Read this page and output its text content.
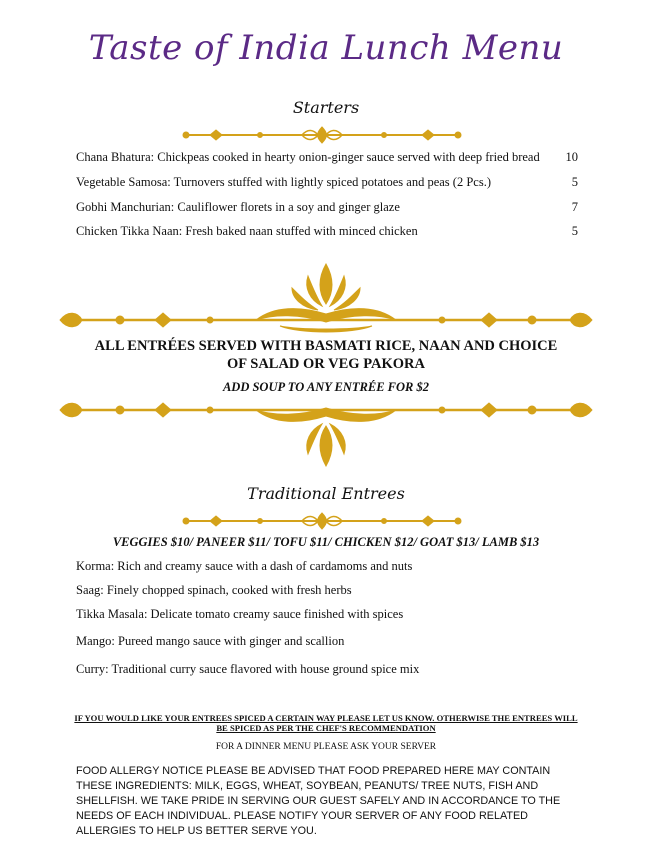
Taste of India Lunch Menu
Starters
Chana Bhatura: Chickpeas cooked in hearty onion-ginger sauce served with deep fried bread 10
Vegetable Samosa: Turnovers stuffed with lightly spiced potatoes and peas (2 Pcs.)	5
Gobhi Manchurian: Cauliflower florets in a soy and ginger glaze	7
Chicken Tikka Naan: Fresh baked naan stuffed with minced chicken	5
ALL ENTRÉES SERVED WITH BASMATI RICE, NAAN AND CHOICE
OF SALAD OR VEG PAKORA
ADD SOUP TO ANY ENTRÉE FOR $2
Traditional Entrees
VEGGIES $10/ PANEER $11/ TOFU $11/ CHICKEN $12/ GOAT $13/ LAMB $13
Korma: Rich and creamy sauce with a dash of cardamoms and nuts
Saag: Finely chopped spinach, cooked with fresh herbs
Tikka Masala: Delicate tomato creamy sauce finished with spices
Mango: Pureed mango sauce with ginger and scallion
Curry: Traditional curry sauce flavored with house ground spice mix
IF YOU WOULD LIKE YOUR ENTREES SPICED A CERTAIN WAY PLEASE LET US KNOW. OTHERWISE THE ENTREES WILL BE SPICED AS PER THE CHEF'S RECOMMENDATION
FOR A DINNER MENU PLEASE ASK YOUR SERVER
FOOD ALLERGY NOTICE PLEASE BE ADVISED THAT FOOD PREPARED HERE MAY CONTAIN THESE INGREDIENTS: MILK, EGGS, WHEAT, SOYBEAN, PEANUTS/ TREE NUTS, FISH AND SHELLFISH. WE TAKE PRIDE IN SERVING OUR GUEST SAFELY AND IN ACCORDANCE TO THE NEEDS OF EACH INDIVIDUAL. PLEASE NOTIFY YOUR SERVER OF ANY FOOD RELATED ALLERGIES TO HELP US BETTER SERVE YOU.
